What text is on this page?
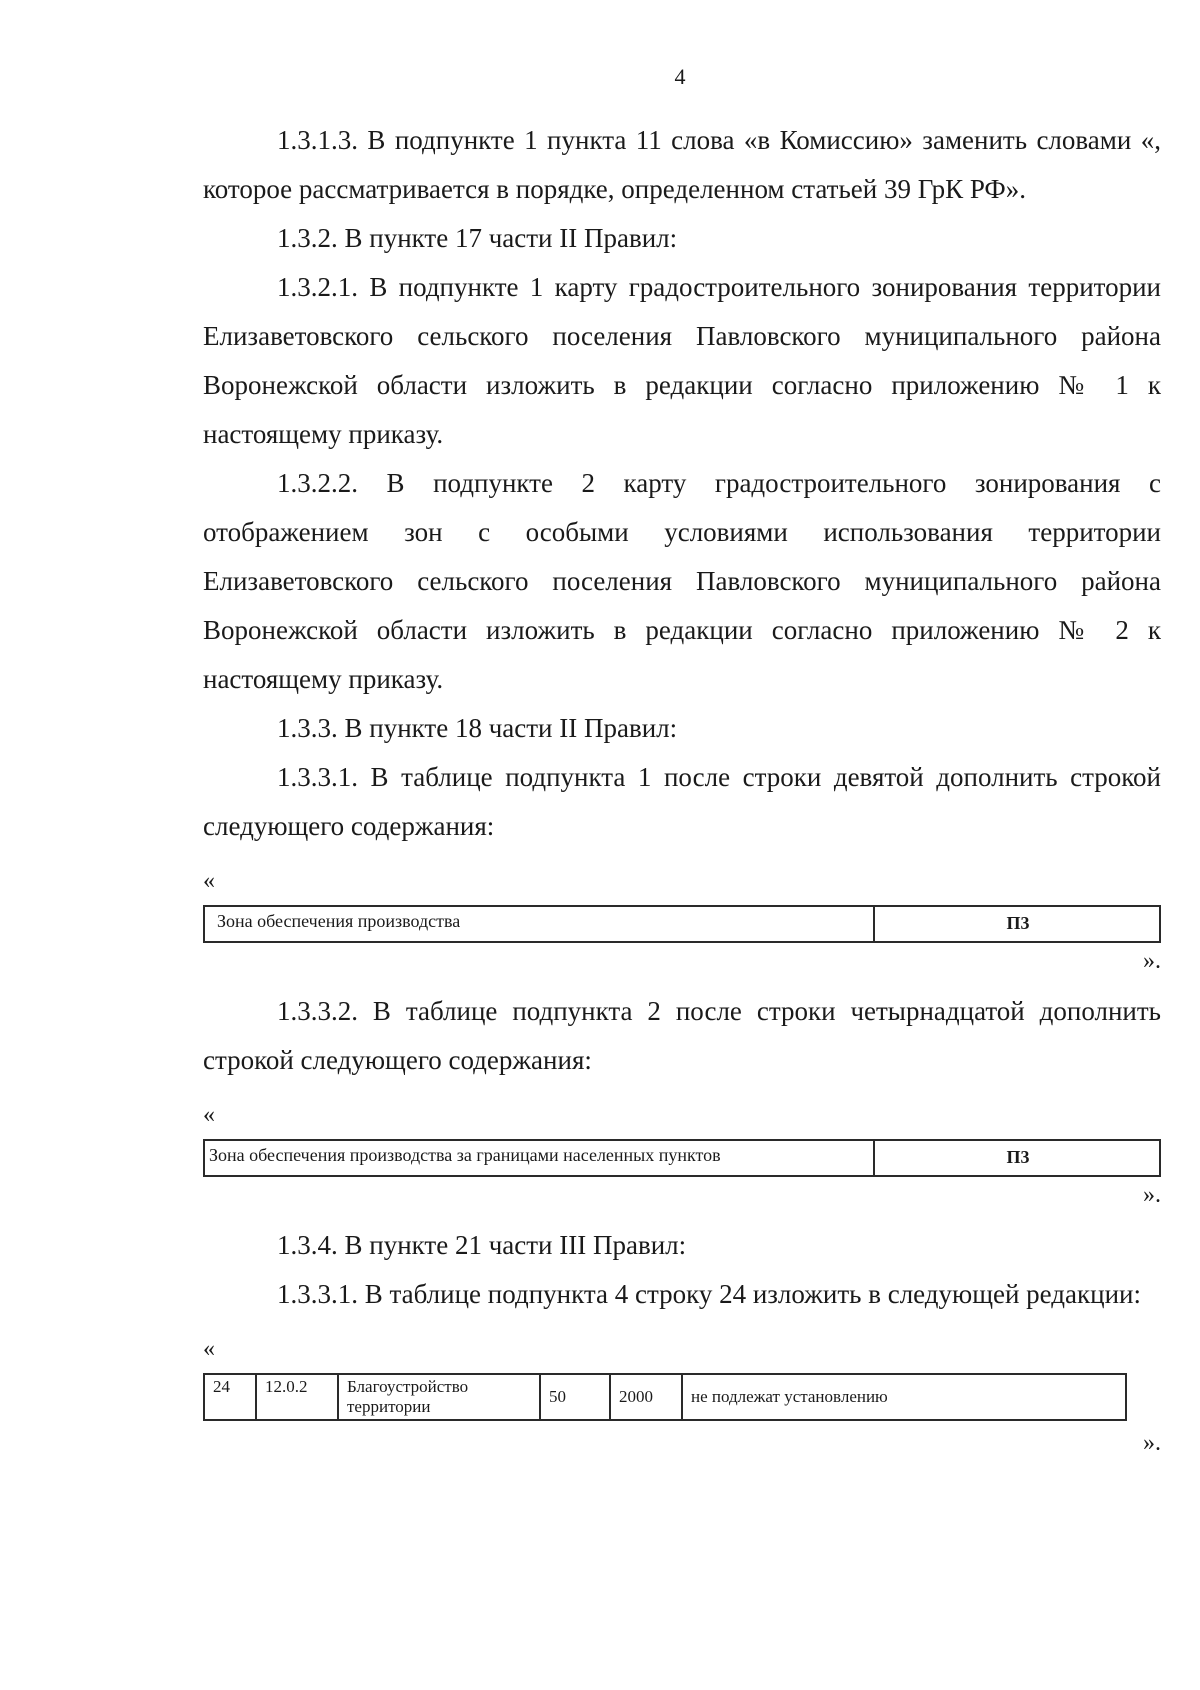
4

1.3.1.3. В подпункте 1 пункта 11 слова «в Комиссию» заменить словами «, которое рассматривается в порядке, определенном статьей 39 ГрК РФ».

1.3.2. В пункте 17 части II Правил:

1.3.2.1. В подпункте 1 карту градостроительного зонирования территории Елизаветовского сельского поселения Павловского муниципального района Воронежской области изложить в редакции согласно приложению № 1 к настоящему приказу.

1.3.2.2. В подпункте 2 карту градостроительного зонирования с отображением зон с особыми условиями использования территории Елизаветовского сельского поселения Павловского муниципального района Воронежской области изложить в редакции согласно приложению № 2 к настоящему приказу.

1.3.3. В пункте 18 части II Правил:

1.3.3.1. В таблице подпункта 1 после строки девятой дополнить строкой следующего содержания:

«
Зона обеспечения производства	П3
».

1.3.3.2. В таблице подпункта 2 после строки четырнадцатой дополнить строкой следующего содержания:

«
Зона обеспечения производства за границами населенных пунктов	П3
».

1.3.4. В пункте 21 части III Правил:

1.3.3.1. В таблице подпункта 4 строку 24 изложить в следующей редакции:

«
24	12.0.2	Благоустройство территории	50	2000	не подлежат установлению
».
